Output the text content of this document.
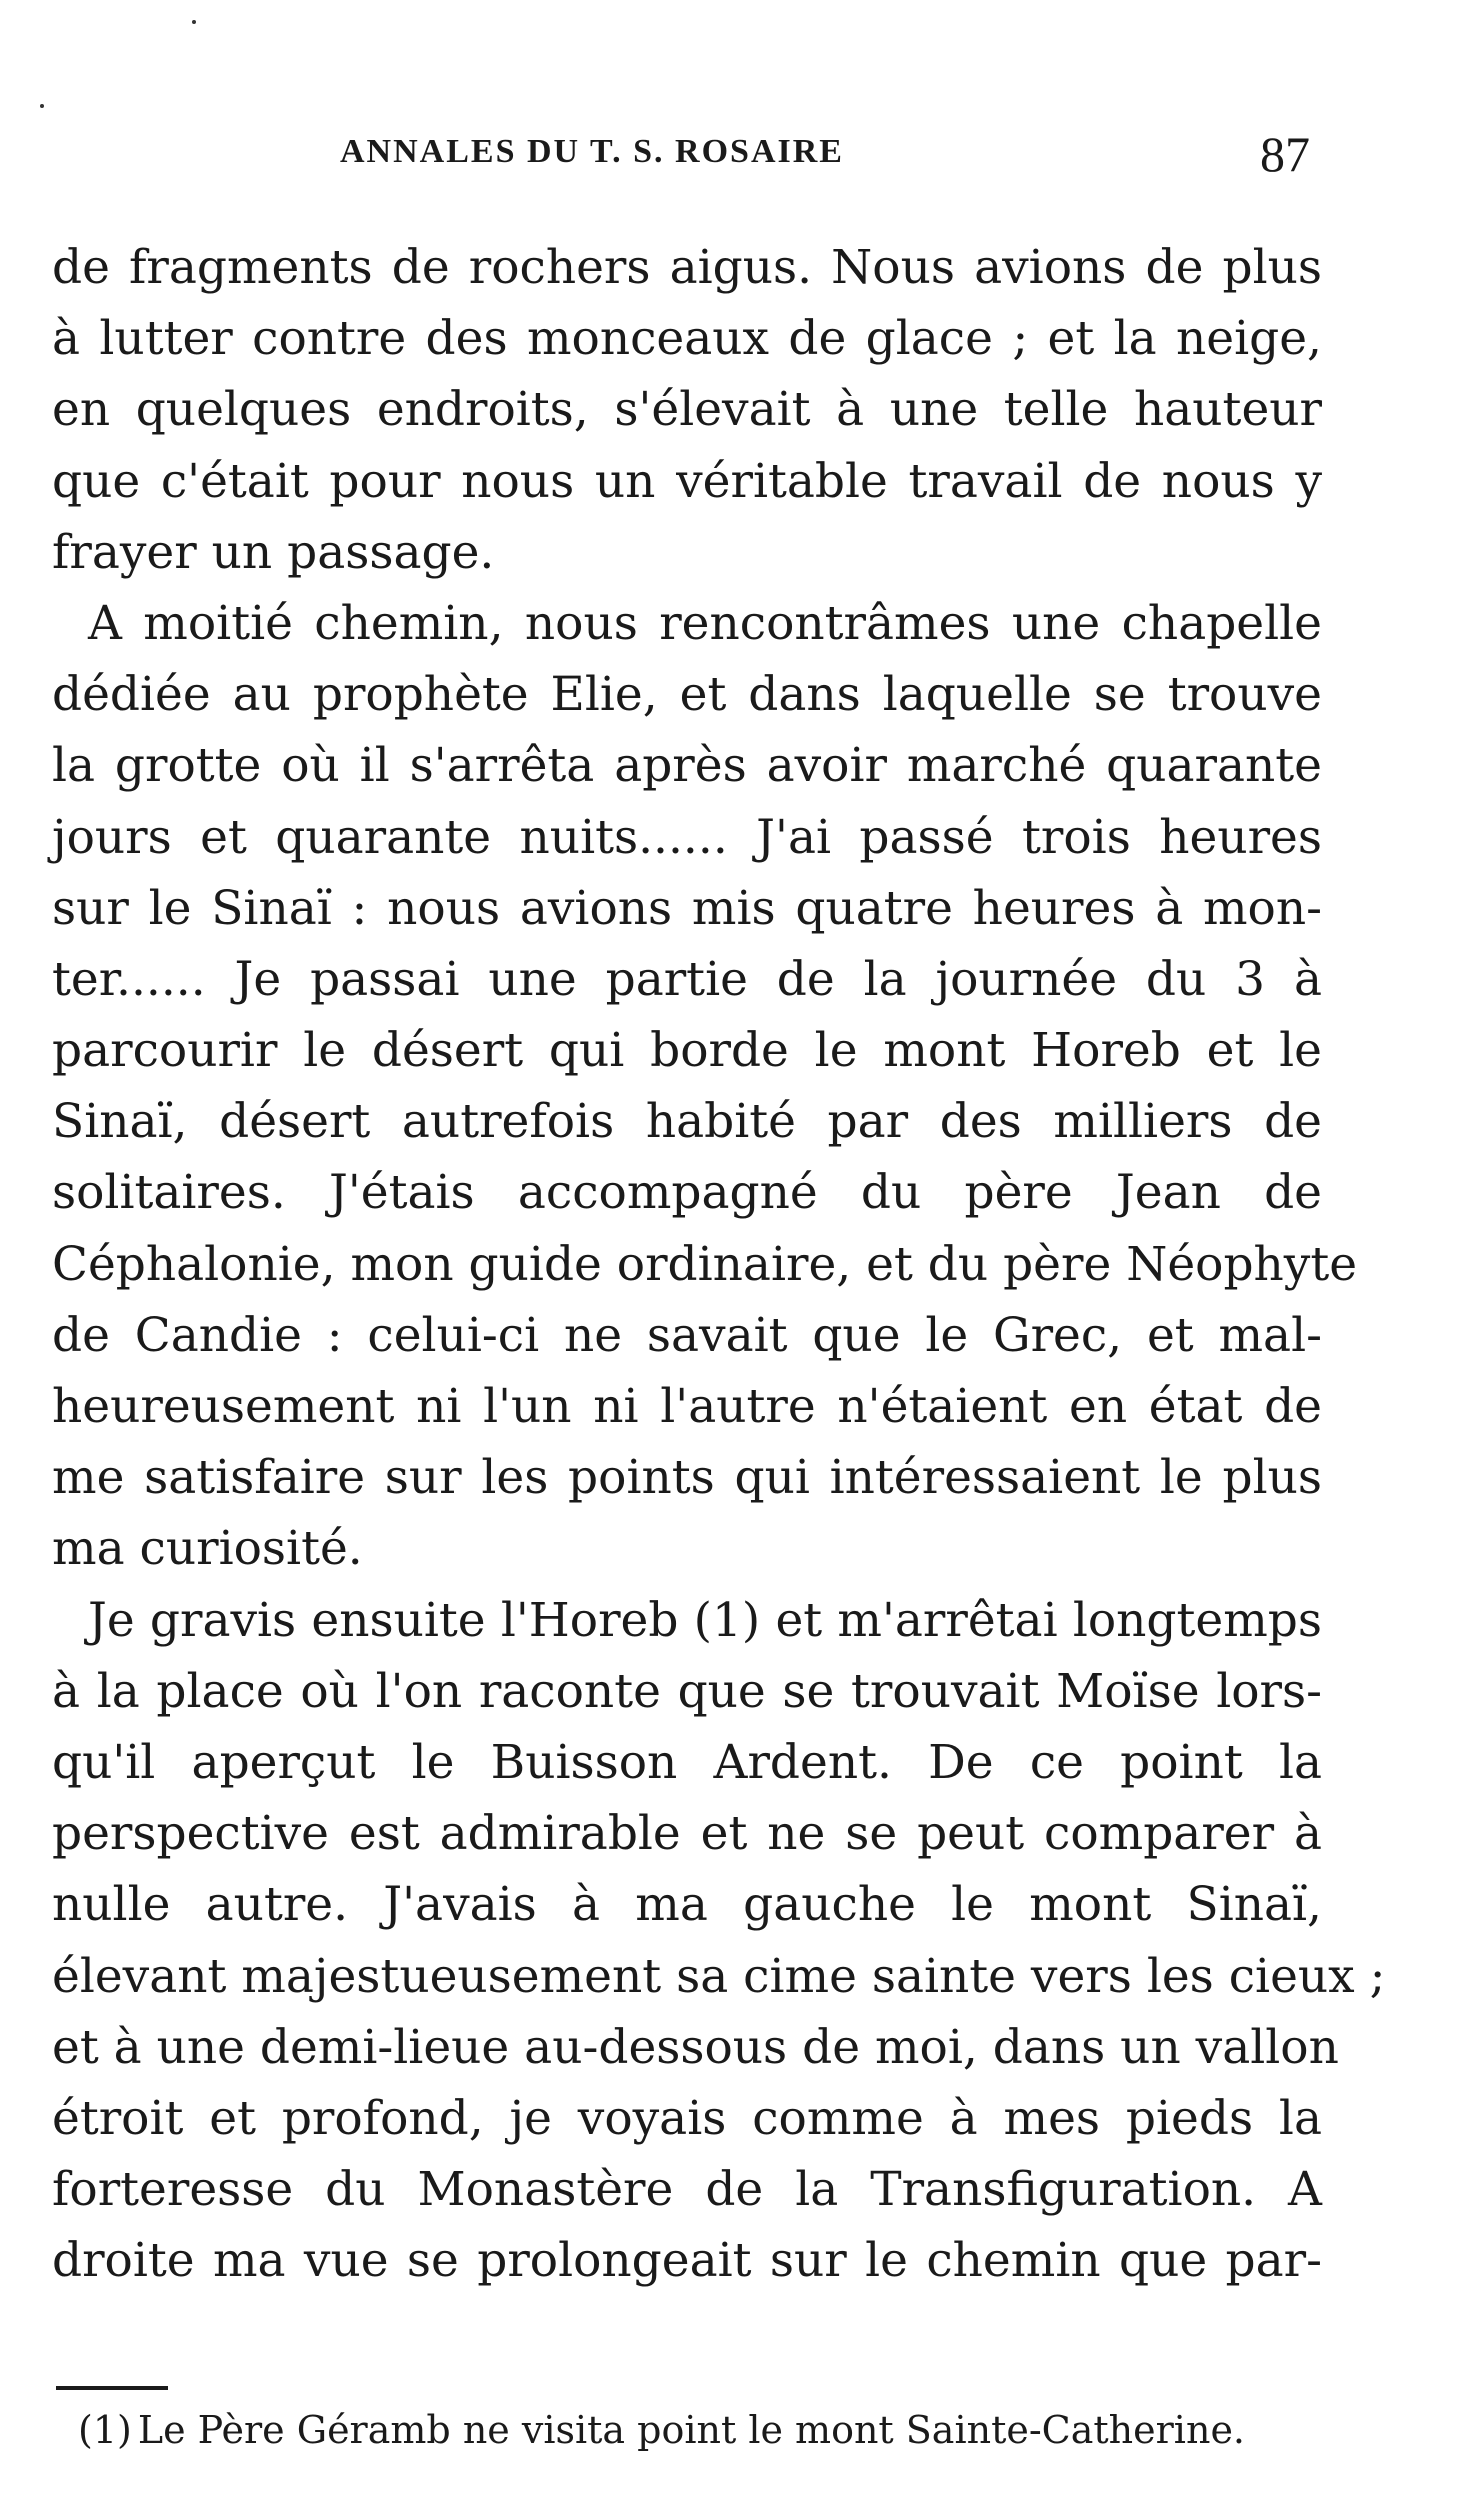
ANNALES DU T. S. ROSAIRE	87
de fragments de rochers aigus. Nous avions de plus
à lutter contre des monceaux de glace ; et la neige,
en quelques endroits, s'élevait à une telle hauteur
que c'était pour nous un véritable travail de nous y
frayer un passage.
A moitié chemin, nous rencontrâmes une chapelle
dédiée au prophète Elie, et dans laquelle se trouve
la grotte où il s'arrêta après avoir marché quarante
jours et quarante nuits...... J'ai passé trois heures
sur le Sinaï : nous avions mis quatre heures à mon-
ter...... Je passai une partie de la journée du 3 à
parcourir le désert qui borde le mont Horeb et le
Sinaï, désert autrefois habité par des milliers de
solitaires. J'étais accompagné du père Jean de
Céphalonie, mon guide ordinaire, et du père Néophyte
de Candie : celui-ci ne savait que le Grec, et mal-
heureusement ni l'un ni l'autre n'étaient en état de
me satisfaire sur les points qui intéressaient le plus
ma curiosité.
Je gravis ensuite l'Horeb (1) et m'arrêtai longtemps
à la place où l'on raconte que se trouvait Moïse lors-
qu'il aperçut le Buisson Ardent. De ce point la
perspective est admirable et ne se peut comparer à
nulle autre. J'avais à ma gauche le mont Sinaï,
élevant majestueusement sa cime sainte vers les cieux ;
et à une demi-lieue au-dessous de moi, dans un vallon
étroit et profond, je voyais comme à mes pieds la
forteresse du Monastère de la Transfiguration. A
droite ma vue se prolongeait sur le chemin que par-
(1) Le Père Géramb ne visita point le mont Sainte-Catherine.
